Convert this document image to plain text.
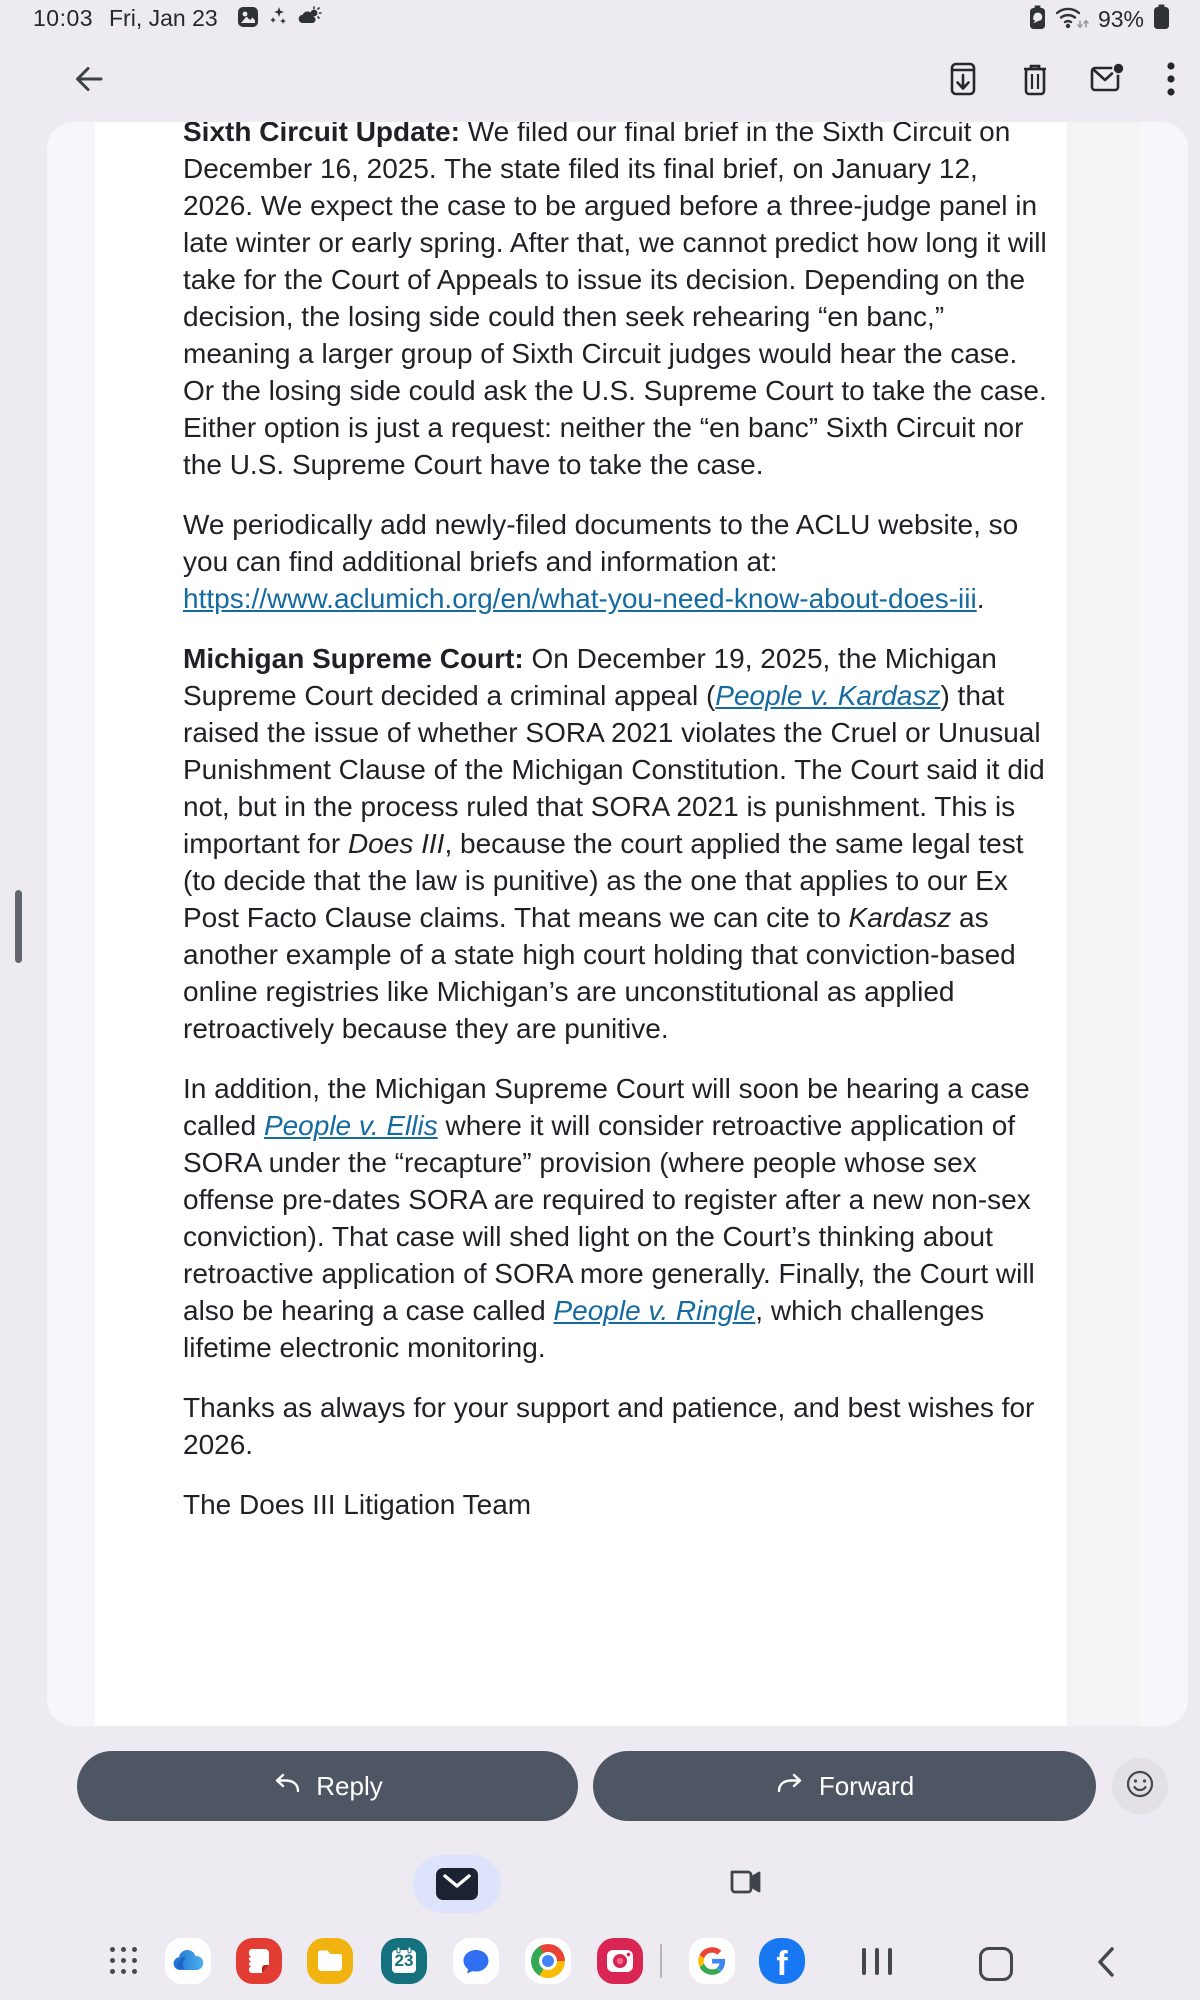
10:03 Fri, Jan 23	93%

Sixth Circuit Update: We filed our final brief in the Sixth Circuit on December 16, 2025. The state filed its final brief, on January 12, 2026. We expect the case to be argued before a three-judge panel in late winter or early spring. After that, we cannot predict how long it will take for the Court of Appeals to issue its decision. Depending on the decision, the losing side could then seek rehearing “en banc,” meaning a larger group of Sixth Circuit judges would hear the case. Or the losing side could ask the U.S. Supreme Court to take the case. Either option is just a request: neither the “en banc” Sixth Circuit nor the U.S. Supreme Court have to take the case.

We periodically add newly-filed documents to the ACLU website, so you can find additional briefs and information at: https://www.aclumich.org/en/what-you-need-know-about-does-iii.

Michigan Supreme Court: On December 19, 2025, the Michigan Supreme Court decided a criminal appeal (People v. Kardasz) that raised the issue of whether SORA 2021 violates the Cruel or Unusual Punishment Clause of the Michigan Constitution. The Court said it did not, but in the process ruled that SORA 2021 is punishment. This is important for Does III, because the court applied the same legal test (to decide that the law is punitive) as the one that applies to our Ex Post Facto Clause claims. That means we can cite to Kardasz as another example of a state high court holding that conviction-based online registries like Michigan’s are unconstitutional as applied retroactively because they are punitive.

In addition, the Michigan Supreme Court will soon be hearing a case called People v. Ellis where it will consider retroactive application of SORA under the “recapture” provision (where people whose sex offense pre-dates SORA are required to register after a new non-sex conviction). That case will shed light on the Court’s thinking about retroactive application of SORA more generally. Finally, the Court will also be hearing a case called People v. Ringle, which challenges lifetime electronic monitoring.

Thanks as always for your support and patience, and best wishes for 2026.

The Does III Litigation Team

Reply	Forward
23	f
